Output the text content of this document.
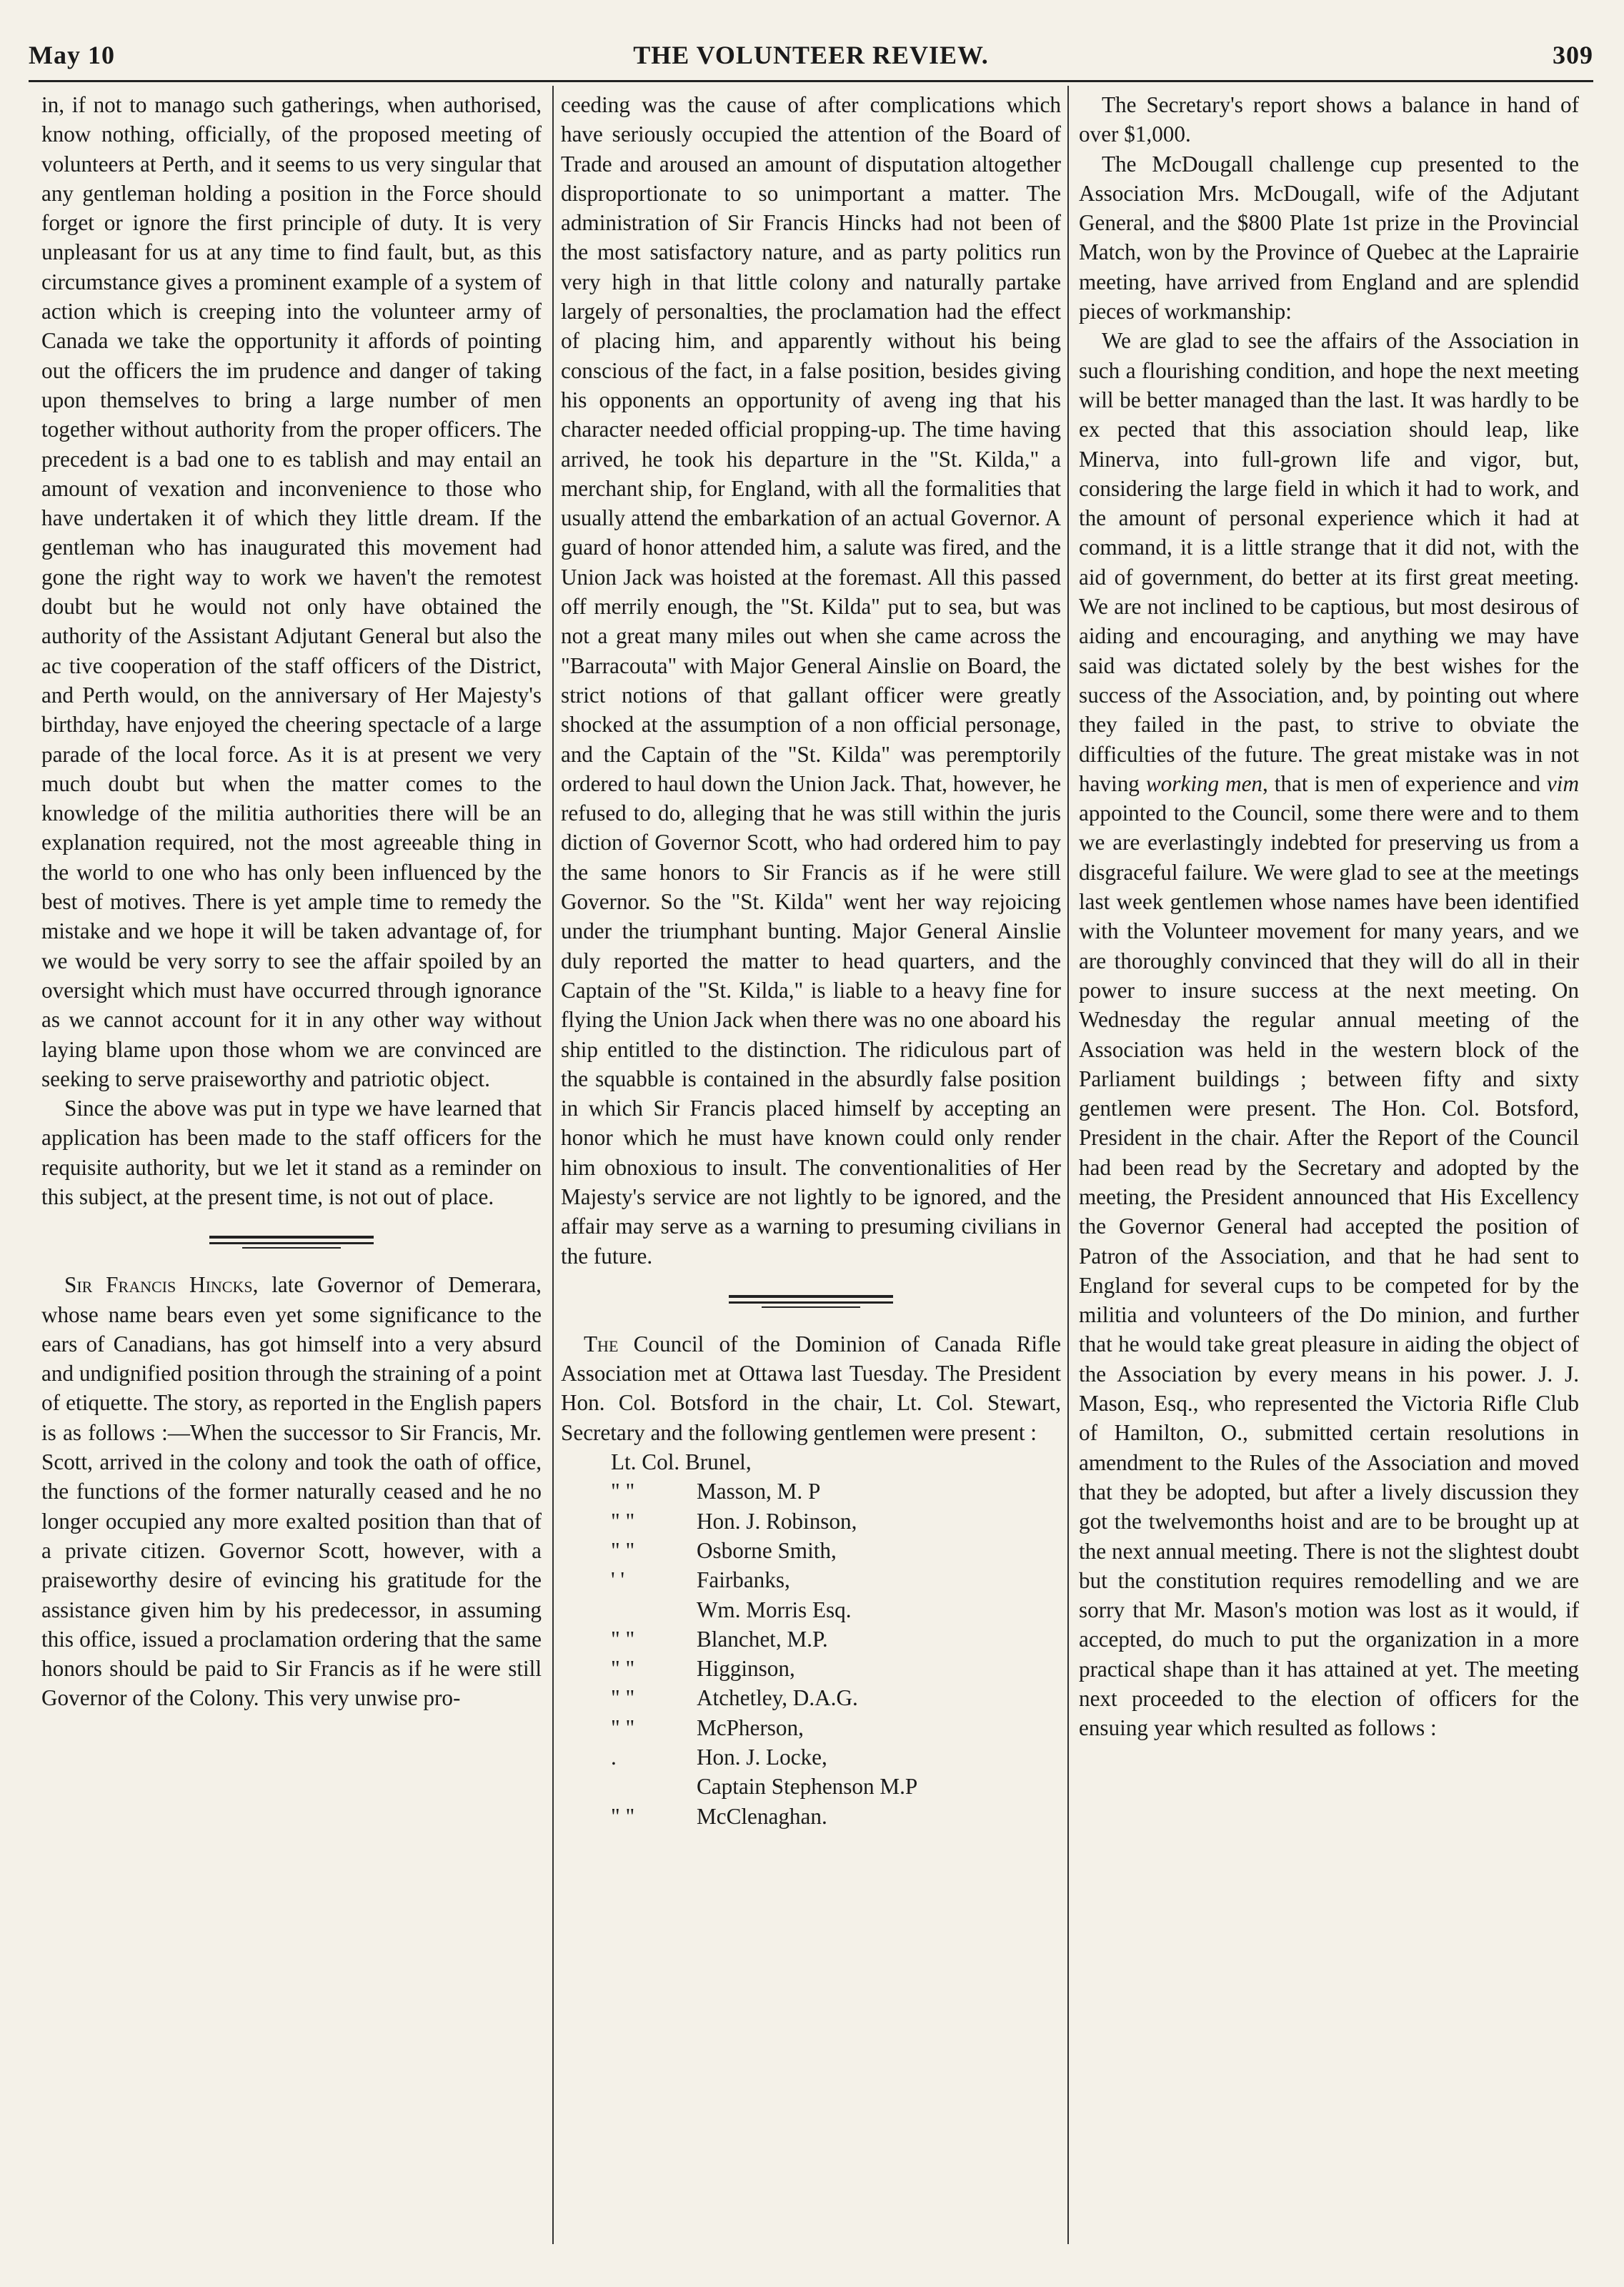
May 10	THE VOLUNTEER REVIEW.	309

in, if not to manago such gatherings, when authorised, know nothing, officially, of the proposed meeting of volunteers at Perth, and it seems to us very singular that any gentleman holding a position in the Force should forget or ignore the first principle of duty. It is very unpleasant for us at any time to find fault, but, as this circumstance gives a prominent example of a system of action which is creeping into the volunteer army of Canada we take the opportunity it affords of pointing out the officers the im prudence and danger of taking upon themselves to bring a large number of men together without authority from the proper officers. The precedent is a bad one to es tablish and may entail an amount of vexation and inconvenience to those who have undertaken it of which they little dream. If the gentleman who has inaugurated this movement had gone the right way to work we haven't the remotest doubt but he would not only have obtained the authority of the Assistant Adjutant General but also the ac tive cooperation of the staff officers of the District, and Perth would, on the anniversary of Her Majesty's birthday, have enjoyed the cheering spectacle of a large parade of the local force. As it is at present we very much doubt but when the matter comes to the knowledge of the militia authorities there will be an explanation required, not the most agreeable thing in the world to one who has only been influenced by the best of motives. There is yet ample time to remedy the mistake and we hope it will be taken advantage of, for we would be very sorry to see the affair spoiled by an oversight which must have occurred through ignorance as we cannot account for it in any other way without laying blame upon those whom we are convinced are seeking to serve praiseworthy and patriotic object.

Since the above was put in type we have learned that application has been made to the staff officers for the requisite authority, but we let it stand as a reminder on this subject, at the present time, is not out of place.

Sir Francis Hincks, late Governor of Demerara, whose name bears even yet some significance to the ears of Canadians, has got himself into a very absurd and undignified position through the straining of a point of etiquette. The story, as reported in the English papers is as follows :—When the successor to Sir Francis, Mr. Scott, arrived in the colony and took the oath of office, the functions of the former naturally ceased and he no longer occupied any more exalted position than that of a private citizen. Governor Scott, however, with a praiseworthy desire of evincing his gratitude for the assistance given him by his predecessor, in assuming this office, issued a proclamation ordering that the same honors should be paid to Sir Francis as if he were still Governor of the Colony. This very unwise pro-

ceeding was the cause of after complications which have seriously occupied the attention of the Board of Trade and aroused an amount of disputation altogether disproportionate to so unimportant a matter. The administration of Sir Francis Hincks had not been of the most satisfactory nature, and as party politics run very high in that little colony and naturally partake largely of personalties, the proclamation had the effect of placing him, and apparently without his being conscious of the fact, in a false position, besides giving his opponents an opportunity of aveng ing that his character needed official propping-up. The time having arrived, he took his departure in the "St. Kilda," a merchant ship, for England, with all the formalities that usually attend the embarkation of an actual Governor. A guard of honor attended him, a salute was fired, and the Union Jack was hoisted at the foremast. All this passed off merrily enough, the "St. Kilda" put to sea, but was not a great many miles out when she came across the "Barracouta" with Major General Ainslie on Board, the strict notions of that gallant officer were greatly shocked at the assumption of a non official personage, and the Captain of the "St. Kilda" was peremptorily ordered to haul down the Union Jack. That, however, he refused to do, alleging that he was still within the juris diction of Governor Scott, who had ordered him to pay the same honors to Sir Francis as if he were still Governor. So the "St. Kilda" went her way rejoicing under the triumphant bunting. Major General Ainslie duly reported the matter to head quarters, and the Captain of the "St. Kilda," is liable to a heavy fine for flying the Union Jack when there was no one aboard his ship entitled to the distinction. The ridiculous part of the squabble is contained in the absurdly false position in which Sir Francis placed himself by accepting an honor which he must have known could only render him obnoxious to insult. The conventionalities of Her Majesty's service are not lightly to be ignored, and the affair may serve as a warning to presuming civilians in the future.

The Council of the Dominion of Canada Rifle Association met at Ottawa last Tuesday. The President Hon. Col. Botsford in the chair, Lt. Col. Stewart, Secretary and the following gentlemen were present :

Lt. Col. Brunel,
" "	Masson, M. P
" "	Hon. J. Robinson,
" "	Osborne Smith,
' '	Fairbanks,
Wm. Morris Esq.
" "	Blanchet, M.P.
" "	Higginson,
" "	Atchetley, D.A.G.
" "	McPherson,
.	Hon. J. Locke,
Captain Stephenson M.P
" "	McClenaghan.

The Secretary's report shows a balance in hand of over $1,000.

The McDougall challenge cup presented to the Association Mrs. McDougall, wife of the Adjutant General, and the $800 Plate 1st prize in the Provincial Match, won by the Province of Quebec at the Laprairie meeting, have arrived from England and are splendid pieces of workmanship:

We are glad to see the affairs of the Association in such a flourishing condition, and hope the next meeting will be better managed than the last. It was hardly to be ex pected that this association should leap, like Minerva, into full-grown life and vigor, but, considering the large field in which it had to work, and the amount of personal experience which it had at command, it is a little strange that it did not, with the aid of government, do better at its first great meeting. We are not inclined to be captious, but most desirous of aiding and encouraging, and anything we may have said was dictated solely by the best wishes for the success of the Association, and, by pointing out where they failed in the past, to strive to obviate the difficulties of the future. The great mistake was in not having working men, that is men of experience and vim appointed to the Council, some there were and to them we are everlastingly indebted for preserving us from a disgraceful failure. We were glad to see at the meetings last week gentlemen whose names have been identified with the Volunteer movement for many years, and we are thoroughly convinced that they will do all in their power to insure success at the next meeting. On Wednesday the regular annual meeting of the Association was held in the western block of the Parliament buildings ; between fifty and sixty gentlemen were present. The Hon. Col. Botsford, President in the chair. After the Report of the Council had been read by the Secretary and adopted by the meeting, the President announced that His Excellency the Governor General had accepted the position of Patron of the Association, and that he had sent to England for several cups to be competed for by the militia and volunteers of the Do minion, and further that he would take great pleasure in aiding the object of the Association by every means in his power. J. J. Mason, Esq., who represented the Victoria Rifle Club of Hamilton, O., submitted certain resolutions in amendment to the Rules of the Association and moved that they be adopted, but after a lively discussion they got the twelvemonths hoist and are to be brought up at the next annual meeting. There is not the slightest doubt but the constitution requires remodelling and we are sorry that Mr. Mason's motion was lost as it would, if accepted, do much to put the organization in a more practical shape than it has attained at yet. The meeting next proceeded to the election of officers for the ensuing year which resulted as follows :
